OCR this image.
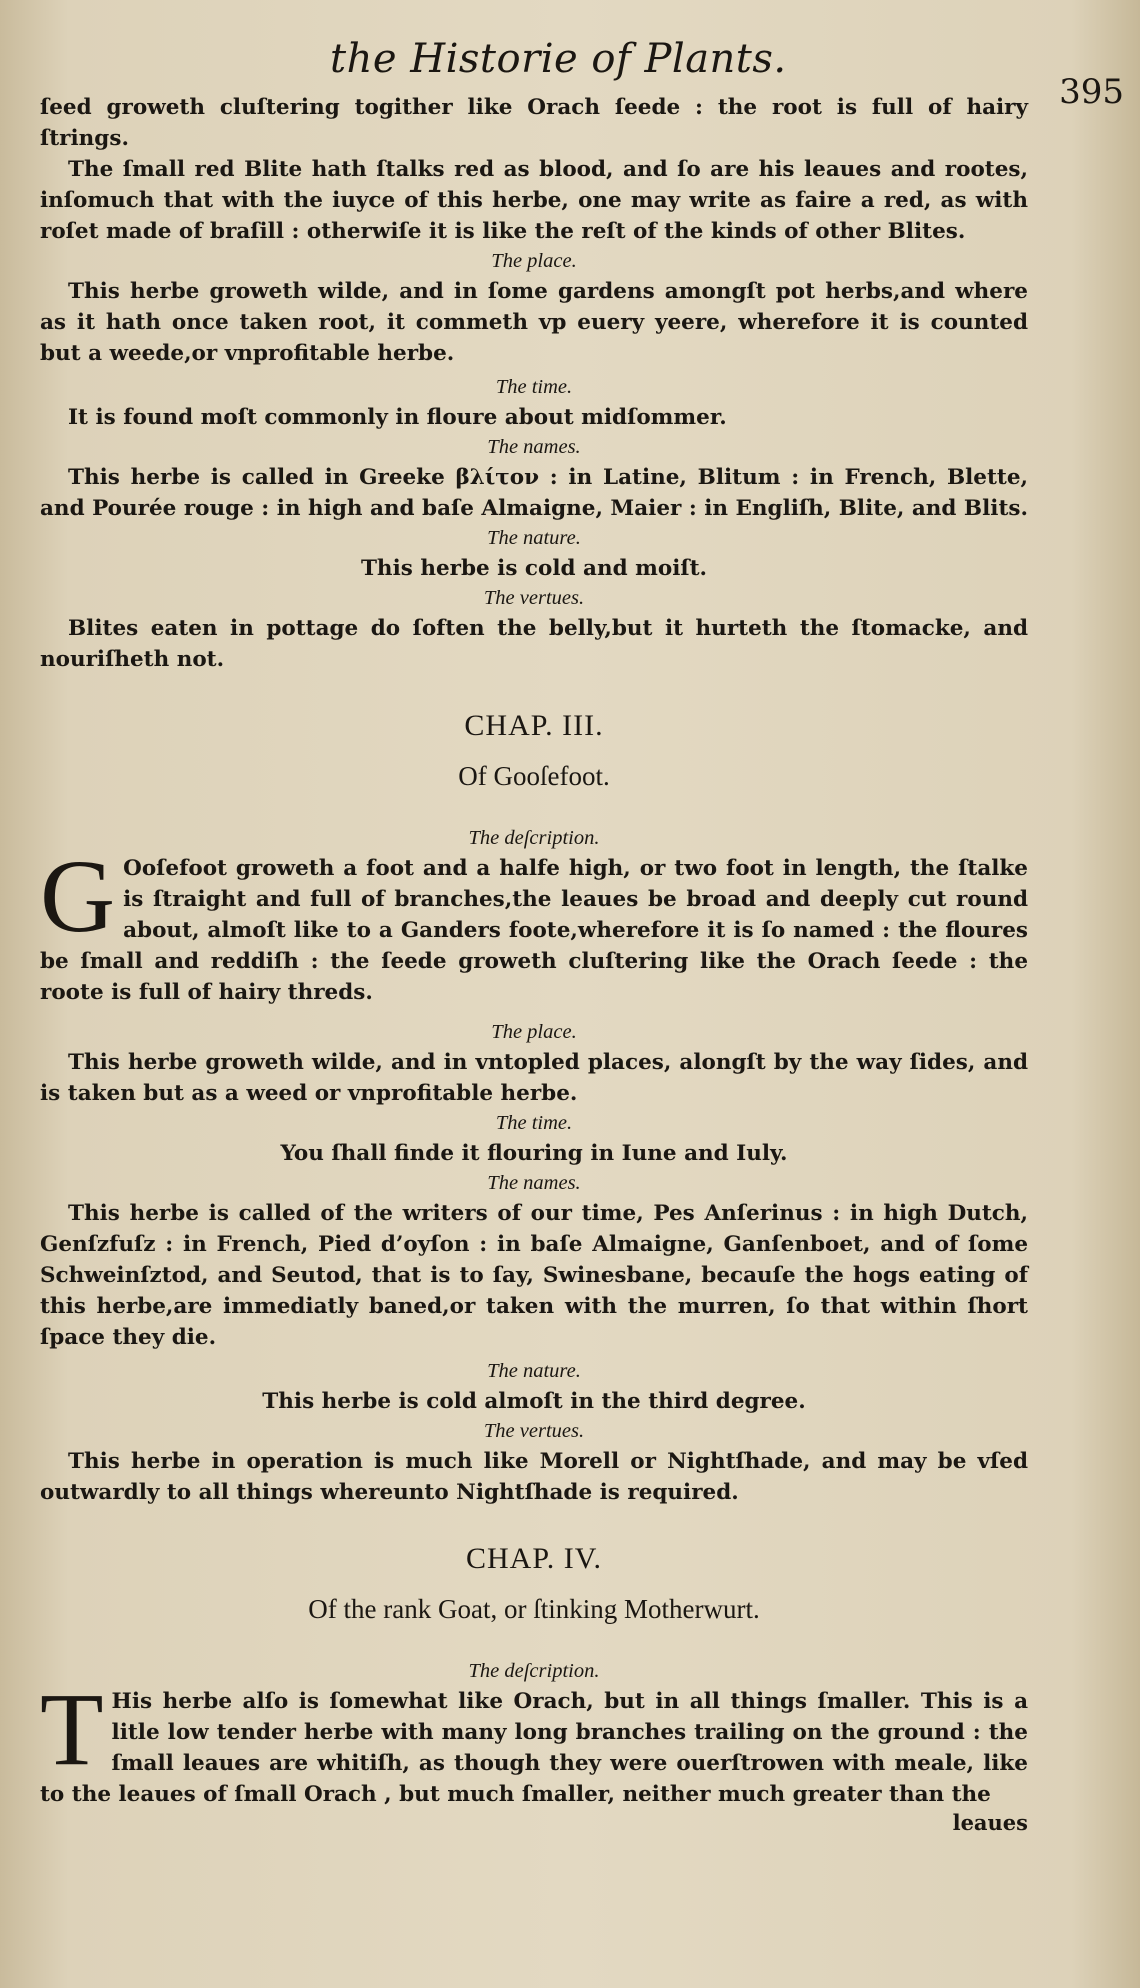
the Historie of Plants.
395

ſeed groweth cluſtering togither like Orach ſeede : the root is full of hairy ſtrings.

The ſmall red Blite hath ſtalks red as blood, and ſo are his leaues and rootes, inſomuch that with the iuyce of this herbe, one may write as faire a red, as with roſet made of braſill : otherwiſe it is like the reſt of the kinds of other Blites.

The place.

This herbe groweth wilde, and in ſome gardens amongſt pot herbs,and where as it hath once taken root, it commeth vp euery yeere, wherefore it is counted but a weede,or vnprofitable herbe.

The time.

It is found moſt commonly in floure about midſommer.

The names.

This herbe is called in Greeke βλίτον : in Latine, Blitum : in French, Blette, and Pourée rouge : in high and baſe Almaigne, Maier : in Engliſh, Blite, and Blits.

The nature.

This herbe is cold and moiſt.

The vertues.

Blites eaten in pottage do ſoften the belly,but it hurteth the ſtomacke, and nouriſheth not.

CHAP. III.
Of Gooſefoot.

The deſcription.

G Ooſefoot groweth a foot and a halfe high, or two foot in length, the ſtalke is ſtraight and full of branches,the leaues be broad and deeply cut round about, almoſt like to a Ganders foote,wherefore it is ſo named : the floures be ſmall and reddiſh : the ſeede groweth cluſtering like the Orach ſeede : the roote is full of hairy threds.

The place.

This herbe groweth wilde, and in vntopled places, alongſt by the way ſides, and is taken but as a weed or vnprofitable herbe.

The time.

You ſhall finde it flouring in Iune and Iuly.

The names.

This herbe is called of the writers of our time, Pes Anſerinus : in high Dutch, Genſzfuſz : in French, Pied d’oyſon : in baſe Almaigne, Ganſenboet, and of ſome Schweinſztod, and Seutod, that is to ſay, Swinesbane, becauſe the hogs eating of this herbe,are immediatly baned,or taken with the murren, ſo that within ſhort ſpace they die.

The nature.

This herbe is cold almoſt in the third degree.

The vertues.

This herbe in operation is much like Morell or Nightſhade, and may be vſed outwardly to all things whereunto Nightſhade is required.

CHAP. IV.
Of the rank Goat, or ſtinking Motherwurt.

The deſcription.

T His herbe alſo is ſomewhat like Orach, but in all things ſmaller. This is a litle low tender herbe with many long branches trailing on the ground : the ſmall leaues are whitiſh, as though they were ouerſtrowen with meale, like to the leaues of ſmall Orach , but much ſmaller, neither much greater than the

leaues
